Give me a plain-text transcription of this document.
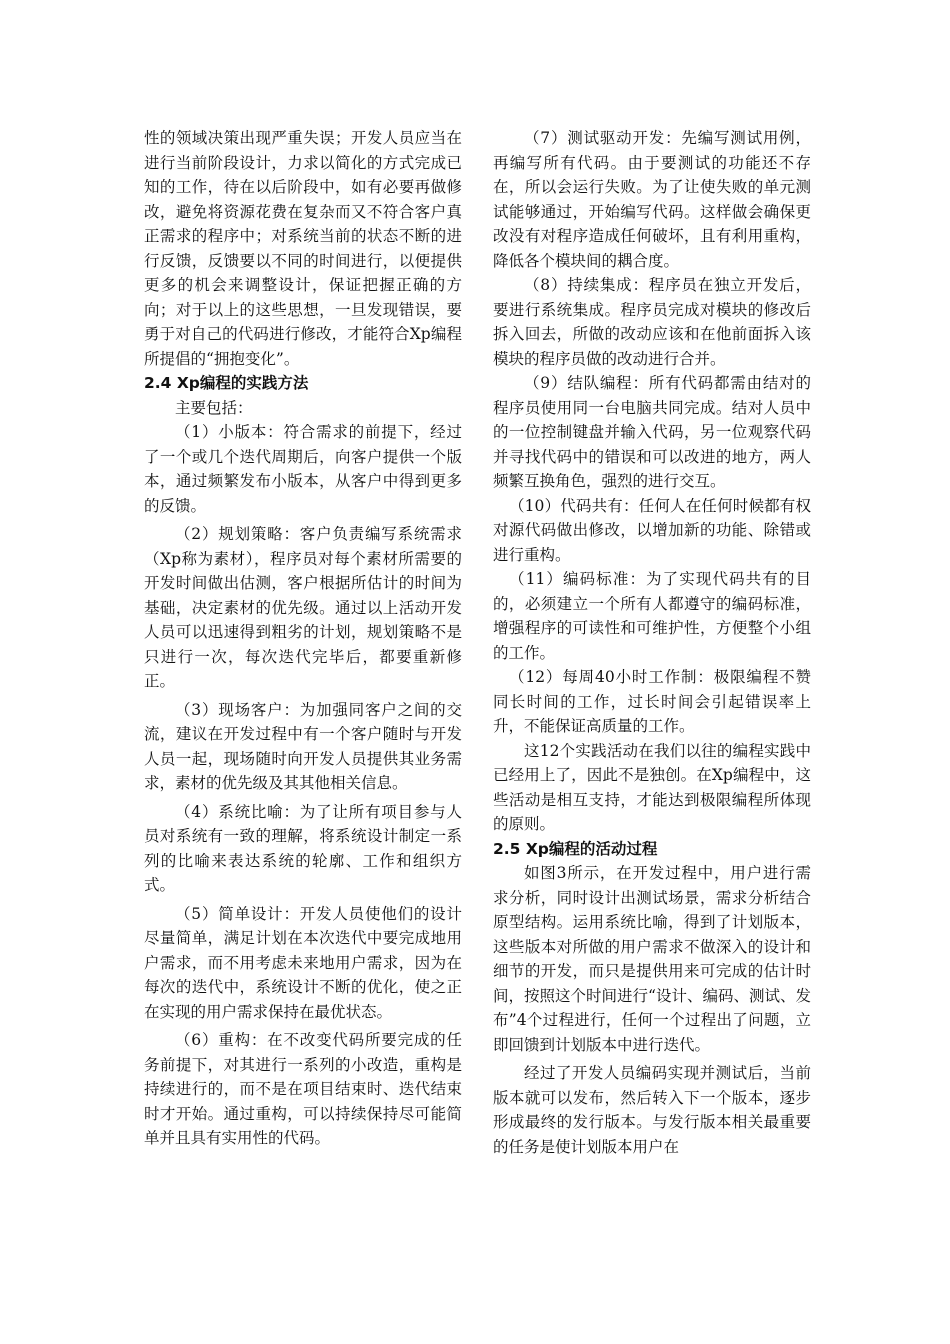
性的领域决策出现严重失误；开发人员应当在进行当前阶段设计，力求以简化的方式完成已知的工作，待在以后阶段中，如有必要再做修改，避免将资源花费在复杂而又不符合客户真正需求的程序中；对系统当前的状态不断的进行反馈，反馈要以不同的时间进行，以便提供更多的机会来调整设计，保证把握正确的方向；对于以上的这些思想，一旦发现错误，要勇于对自己的代码进行修改，才能符合Xp编程所提倡的“拥抱变化”。

2.4 Xp编程的实践方法

主要包括：

（1）小版本：符合需求的前提下，经过了一个或几个迭代周期后，向客户提供一个版本，通过频繁发布小版本，从客户中得到更多的反馈。

（2）规划策略：客户负责编写系统需求（Xp称为素材），程序员对每个素材所需要的开发时间做出估测，客户根据所估计的时间为基础，决定素材的优先级。通过以上活动开发人员可以迅速得到粗劣的计划，规划策略不是只进行一次，每次迭代完毕后，都要重新修正。

（3）现场客户：为加强同客户之间的交流，建议在开发过程中有一个客户随时与开发人员一起，现场随时向开发人员提供其业务需求，素材的优先级及其其他相关信息。

（4）系统比喻：为了让所有项目参与人员对系统有一致的理解，将系统设计制定一系列的比喻来表达系统的轮廓、工作和组织方式。

（5）简单设计：开发人员使他们的设计尽量简单，满足计划在本次迭代中要完成地用户需求，而不用考虑未来地用户需求，因为在每次的迭代中，系统设计不断的优化，使之正在实现的用户需求保持在最优状态。

（6）重构：在不改变代码所要完成的任务前提下，对其进行一系列的小改造，重构是持续进行的，而不是在项目结束时、迭代结束时才开始。通过重构，可以持续保持尽可能简单并且具有实用性的代码。

（7）测试驱动开发：先编写测试用例，再编写所有代码。由于要测试的功能还不存在，所以会运行失败。为了让使失败的单元测试能够通过，开始编写代码。这样做会确保更改没有对程序造成任何破坏，且有利用重构，降低各个模块间的耦合度。

（8）持续集成：程序员在独立开发后，要进行系统集成。程序员完成对模块的修改后拆入回去，所做的改动应该和在他前面拆入该模块的程序员做的改动进行合并。

（9）结队编程：所有代码都需由结对的程序员使用同一台电脑共同完成。结对人员中的一位控制键盘并输入代码，另一位观察代码并寻找代码中的错误和可以改进的地方，两人频繁互换角色，强烈的进行交互。

（10）代码共有：任何人在任何时候都有权对源代码做出修改，以增加新的功能、除错或进行重构。

（11）编码标准：为了实现代码共有的目的，必须建立一个所有人都遵守的编码标准，增强程序的可读性和可维护性，方便整个小组的工作。

（12）每周40小时工作制：极限编程不赞同长时间的工作，过长时间会引起错误率上升，不能保证高质量的工作。

这12个实践活动在我们以往的编程实践中已经用上了，因此不是独创。在Xp编程中，这些活动是相互支持，才能达到极限编程所体现的原则。

2.5 Xp编程的活动过程

如图3所示，在开发过程中，用户进行需求分析，同时设计出测试场景，需求分析结合原型结构。运用系统比喻，得到了计划版本，这些版本对所做的用户需求不做深入的设计和细节的开发，而只是提供用来可完成的估计时间，按照这个时间进行“设计、编码、测试、发布”4个过程进行，任何一个过程出了问题，立即回馈到计划版本中进行迭代。

经过了开发人员编码实现并测试后，当前版本就可以发布，然后转入下一个版本，逐步形成最终的发行版本。与发行版本相关最重要的任务是使计划版本用户在
